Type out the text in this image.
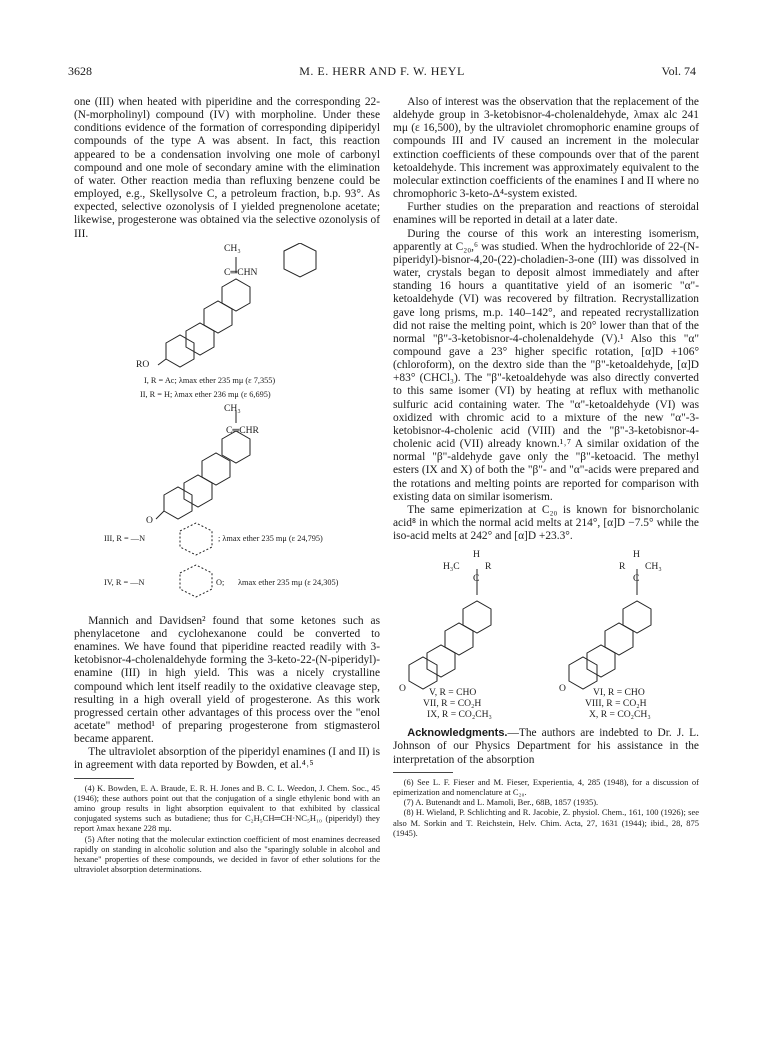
3628	M. E. HERR AND F. W. HEYL	Vol. 74

one (III) when heated with piperidine and the corresponding 22-(N-morpholinyl) compound (IV) with morpholine. Under these conditions evidence of the formation of corresponding dipiperidyl compounds of the type A was absent. In fact, this reaction appeared to be a condensation involving one mole of carbonyl compound and one mole of secondary amine with the elimination of water. Other reaction media than refluxing benzene could be employed, e.g., Skellysolve C, a petroleum fraction, b.p. 93°. As expected, selective ozonolysis of I yielded pregnenolone acetate; likewise, progesterone was obtained via the selective ozonolysis of III.

CH₃
C═CHN
RO
I, R = Ac; λmax ether 235 mμ (ε 7,355)
II, R = H; λmax ether 236 mμ (ε 6,695)
CH₃
C═CHR
O
III, R = —N	; λmax ether 235 mμ (ε 24,795)
IV, R = —N	O; λmax ether 235 mμ (ε 24,305)

Mannich and Davidsen² found that some ketones such as phenylacetone and cyclohexanone could be converted to enamines. We have found that piperidine reacted readily with 3-ketobisnor-4-cholenaldehyde forming the 3-keto-22-(N-piperidyl)-enamine (III) in high yield. This was a nicely crystalline compound which lent itself readily to the oxidative cleavage step, resulting in a high overall yield of progesterone. As this work progressed certain other advantages of this process over the "enol acetate" method¹ of preparing progesterone from stigmasterol became apparent.

The ultraviolet absorption of the piperidyl enamines (I and II) is in agreement with data reported by Bowden, et al.⁴˒⁵

(4) K. Bowden, E. A. Braude, E. R. H. Jones and B. C. L. Weedon, J. Chem. Soc., 45 (1946); these authors point out that the conjugation of a single ethylenic bond with an amino group results in light absorption equivalent to that exhibited by classical conjugated systems such as butadiene; thus for C₂H₅CH═CH·NC₅H₁₀ (piperidyl) they report λmax hexane 228 mμ.

(5) After noting that the molecular extinction coefficient of most enamines decreased rapidly on standing in alcoholic solution and also the "sparingly soluble in alcohol and hexane" properties of these compounds, we decided in favor of ether solutions for the ultraviolet absorption determinations.

Also of interest was the observation that the replacement of the aldehyde group in 3-ketobisnor-4-cholenaldehyde, λmax alc 241 mμ (ε 16,500), by the ultraviolet chromophoric enamine groups of compounds III and IV caused an increment in the molecular extinction coefficients of these compounds over that of the parent ketoaldehyde. This increment was approximately equivalent to the molecular extinction coefficients of the enamines I and II where no chromophoric 3-keto-Δ⁴-system existed.

Further studies on the preparation and reactions of steroidal enamines will be reported in detail at a later date.

During the course of this work an interesting isomerism, apparently at C₂₀,⁶ was studied. When the hydrochloride of 22-(N-piperidyl)-bisnor-4,20-(22)-choladien-3-one (III) was dissolved in water, crystals began to deposit almost immediately and after standing 16 hours a quantitative yield of an isomeric "α"-ketoaldehyde (VI) was recovered by filtration. Recrystallization gave long prisms, m.p. 140–142°, and repeated recrystallization did not raise the melting point, which is 20° lower than that of the normal "β"-3-ketobisnor-4-cholenaldehyde (V).¹ Also this "α" compound gave a 23° higher specific rotation, [α]D +106° (chloroform), on the dextro side than the "β"-ketoaldehyde, [α]D +83° (CHCl₃). The "β"-ketoaldehyde was also directly converted to this same isomer (VI) by heating at reflux with methanolic sulfuric acid containing water. The "α"-ketoaldehyde (VI) was oxidized with chromic acid to a mixture of the new "α"-3-ketobisnor-4-cholenic acid (VIII) and the "β"-3-ketobisnor-4-cholenic acid (VII) already known.¹˒⁷ A similar oxidation of the normal "β"-aldehyde gave only the "β"-ketoacid. The methyl esters (IX and X) of both the "β"- and "α"-acids were prepared and the rotations and melting points are reported for comparison with existing data on similar isomerism.

The same epimerization at C₂₀ is known for bisnorcholanic acid⁸ in which the normal acid melts at 214°, [α]D −7.5° while the iso-acid melts at 242° and [α]D +23.3°.

H
H₃C	R
C
H
R CH₃
C
O	O
V, R = CHO
VII, R = CO₂H
IX, R = CO₂CH₃
VI, R = CHO
VIII, R = CO₂H
X, R = CO₂CH₃

Acknowledgments.—The authors are indebted to Dr. J. L. Johnson of our Physics Department for his assistance in the interpretation of the absorption

(6) See L. F. Fieser and M. Fieser, Experientia, 4, 285 (1948), for a discussion of epimerization and nomenclature at C₂₀.

(7) A. Butenandt and L. Mamoli, Ber., 68B, 1857 (1935).

(8) H. Wieland, P. Schlichting and R. Jacobie, Z. physiol. Chem., 161, 100 (1926); see also M. Sorkin and T. Reichstein, Helv. Chim. Acta, 27, 1631 (1944); ibid., 28, 875 (1945).
